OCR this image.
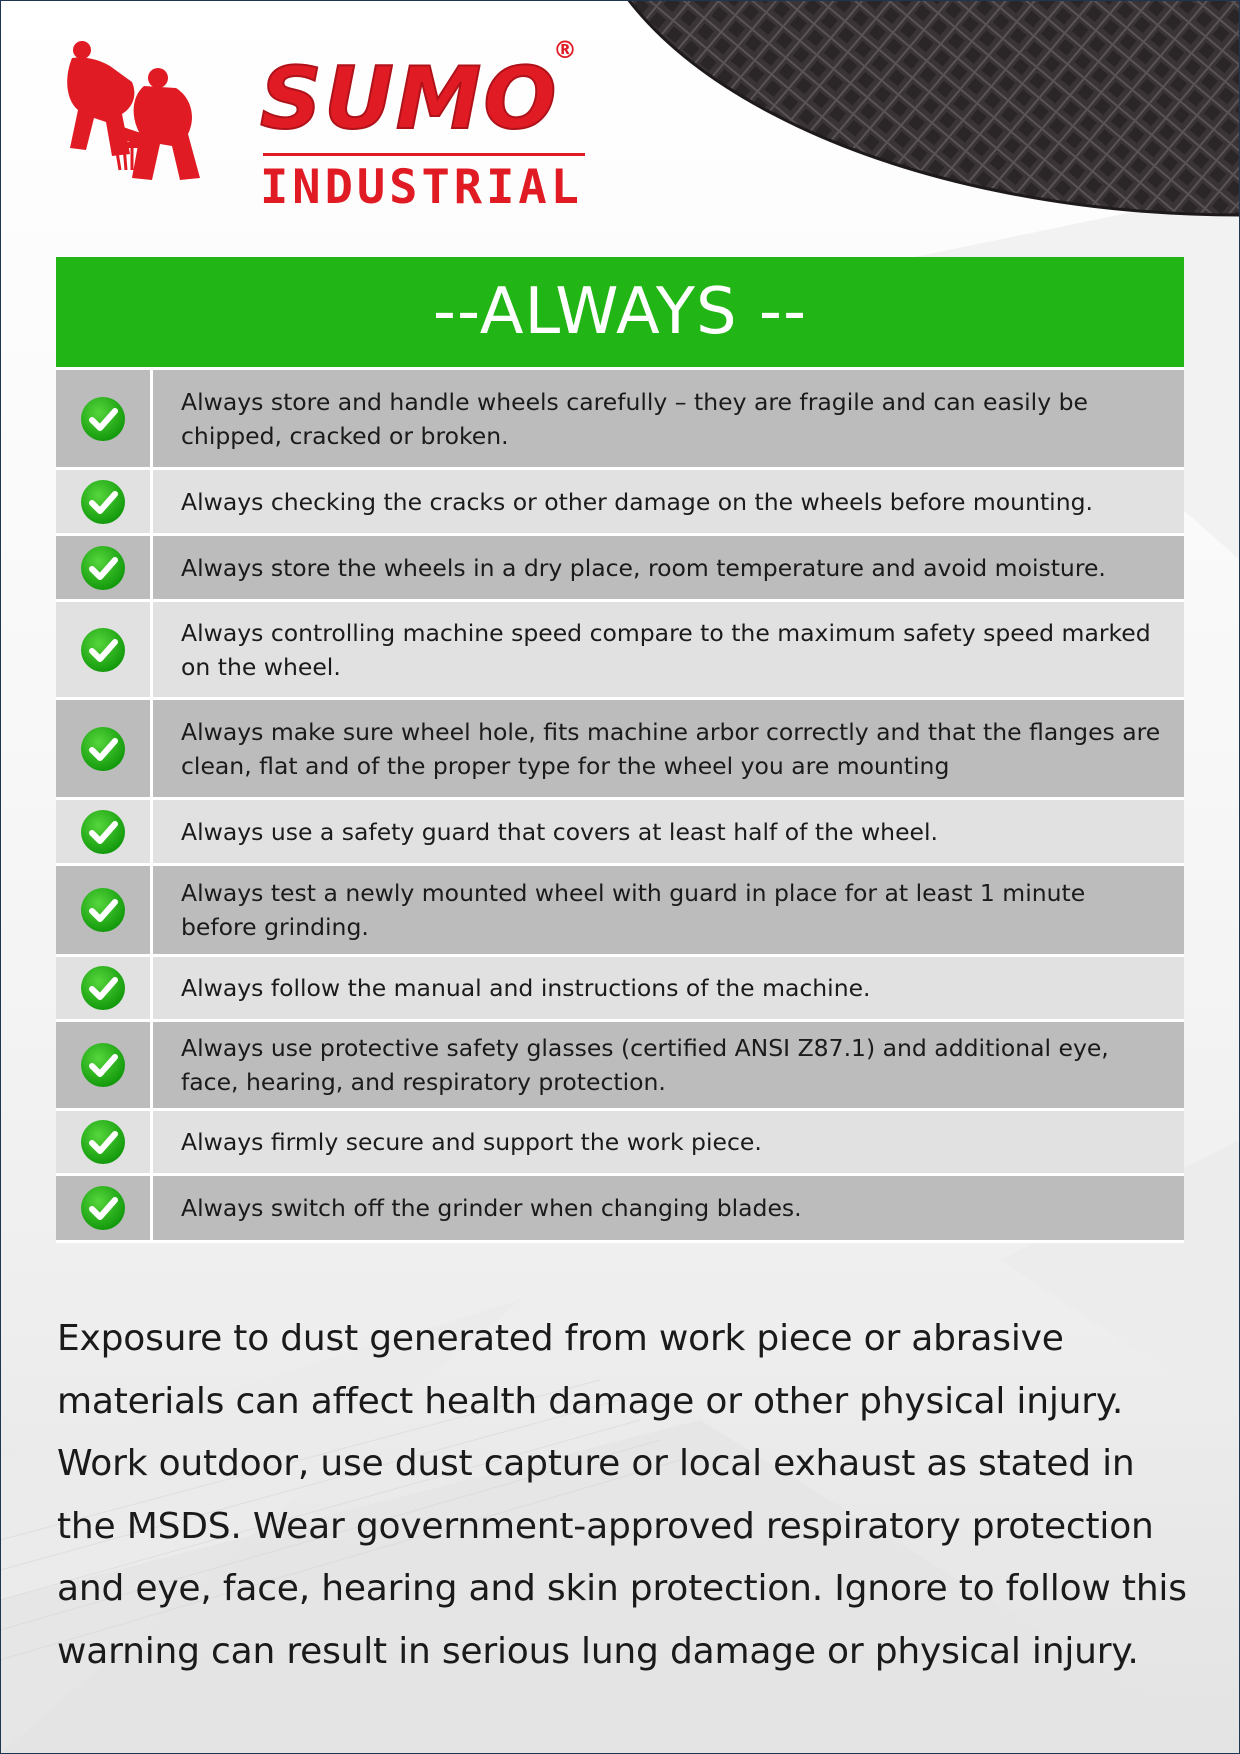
SUMO
®
INDUSTRIAL
--ALWAYS --
Always store and handle wheels carefully – they are fragile and can easily be chipped, cracked or broken.
Always checking the cracks or other damage on the wheels before mounting.
Always store the wheels in a dry place, room temperature and avoid moisture.
Always controlling machine speed compare to the maximum safety speed marked on the wheel.
Always make sure wheel hole, fits machine arbor correctly and that the flanges are clean, flat and of the proper type for the wheel you are mounting
Always use a safety guard that covers at least half of the wheel.
Always test a newly mounted wheel with guard in place for at least 1 minute before grinding.
Always follow the manual and instructions of the machine.
Always use protective safety glasses (certified ANSI Z87.1) and additional eye, face, hearing, and respiratory protection.
Always firmly secure and support the work piece.
Always switch off the grinder when changing blades.
Exposure to dust generated from work piece or abrasive materials can affect health damage or other physical injury. Work outdoor, use dust capture or local exhaust as stated in the MSDS. Wear government-approved respiratory protection and eye, face, hearing and skin protection. Ignore to follow this warning can result in serious lung damage or physical injury.
